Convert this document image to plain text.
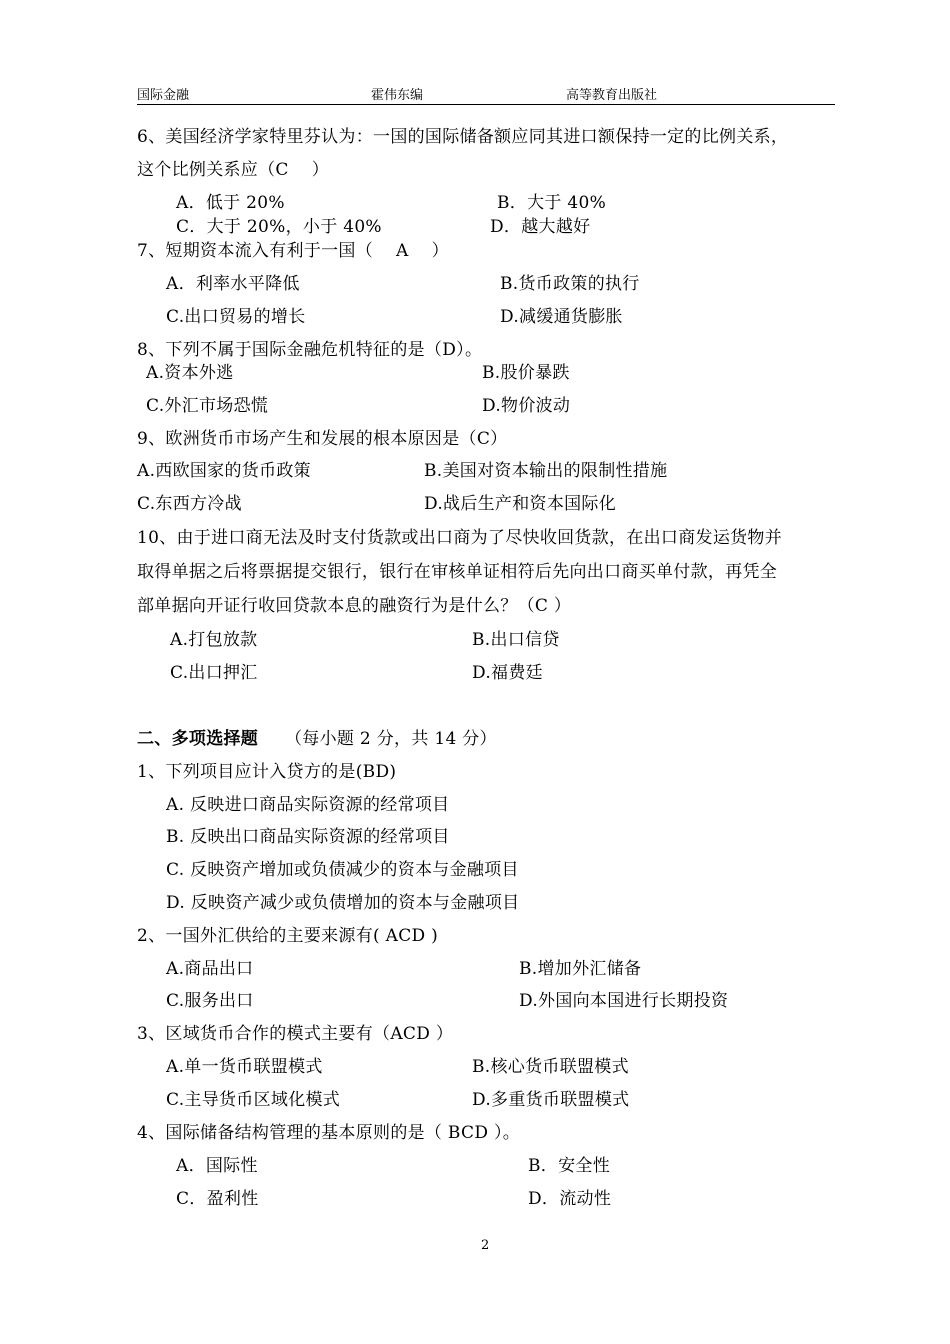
国际金融	霍伟东编	高等教育出版社
6、美国经济学家特里芬认为：一国的国际储备额应同其进口额保持一定的比例关系，
这个比例关系应（C　 ）
A．低于 20%	B．大于 40%
C．大于 20%，小于 40%	D．越大越好
7、短期资本流入有利于一国（　 A　 ）
A．利率水平降低	B.货币政策的执行
C.出口贸易的增长	D.减缓通货膨胀
8、下列不属于国际金融危机特征的是（D）。
A.资本外逃	B.股价暴跌
C.外汇市场恐慌	D.物价波动
9、欧洲货币市场产生和发展的根本原因是（C）
A.西欧国家的货币政策	B.美国对资本输出的限制性措施
C.东西方冷战	D.战后生产和资本国际化
10、由于进口商无法及时支付货款或出口商为了尽快收回货款，在出口商发运货物并
取得单据之后将票据提交银行，银行在审核单证相符后先向出口商买单付款，再凭全
部单据向开证行收回贷款本息的融资行为是什么？（C ）
A.打包放款	B.出口信贷
C.出口押汇	D.福费廷
二、多项选择题 （每小题 2 分，共 14 分）
1、下列项目应计入贷方的是(BD)
A. 反映进口商品实际资源的经常项目
B. 反映出口商品实际资源的经常项目
C. 反映资产增加或负债减少的资本与金融项目
D. 反映资产减少或负债增加的资本与金融项目
2、一国外汇供给的主要来源有( ACD )
A.商品出口	B.增加外汇储备
C.服务出口	D.外国向本国进行长期投资
3、区域货币合作的模式主要有（ACD ）
A.单一货币联盟模式	B.核心货币联盟模式
C.主导货币区域化模式	D.多重货币联盟模式
4、国际储备结构管理的基本原则的是（ BCD ）。
A．国际性	B．安全性
C．盈利性	D．流动性
2
